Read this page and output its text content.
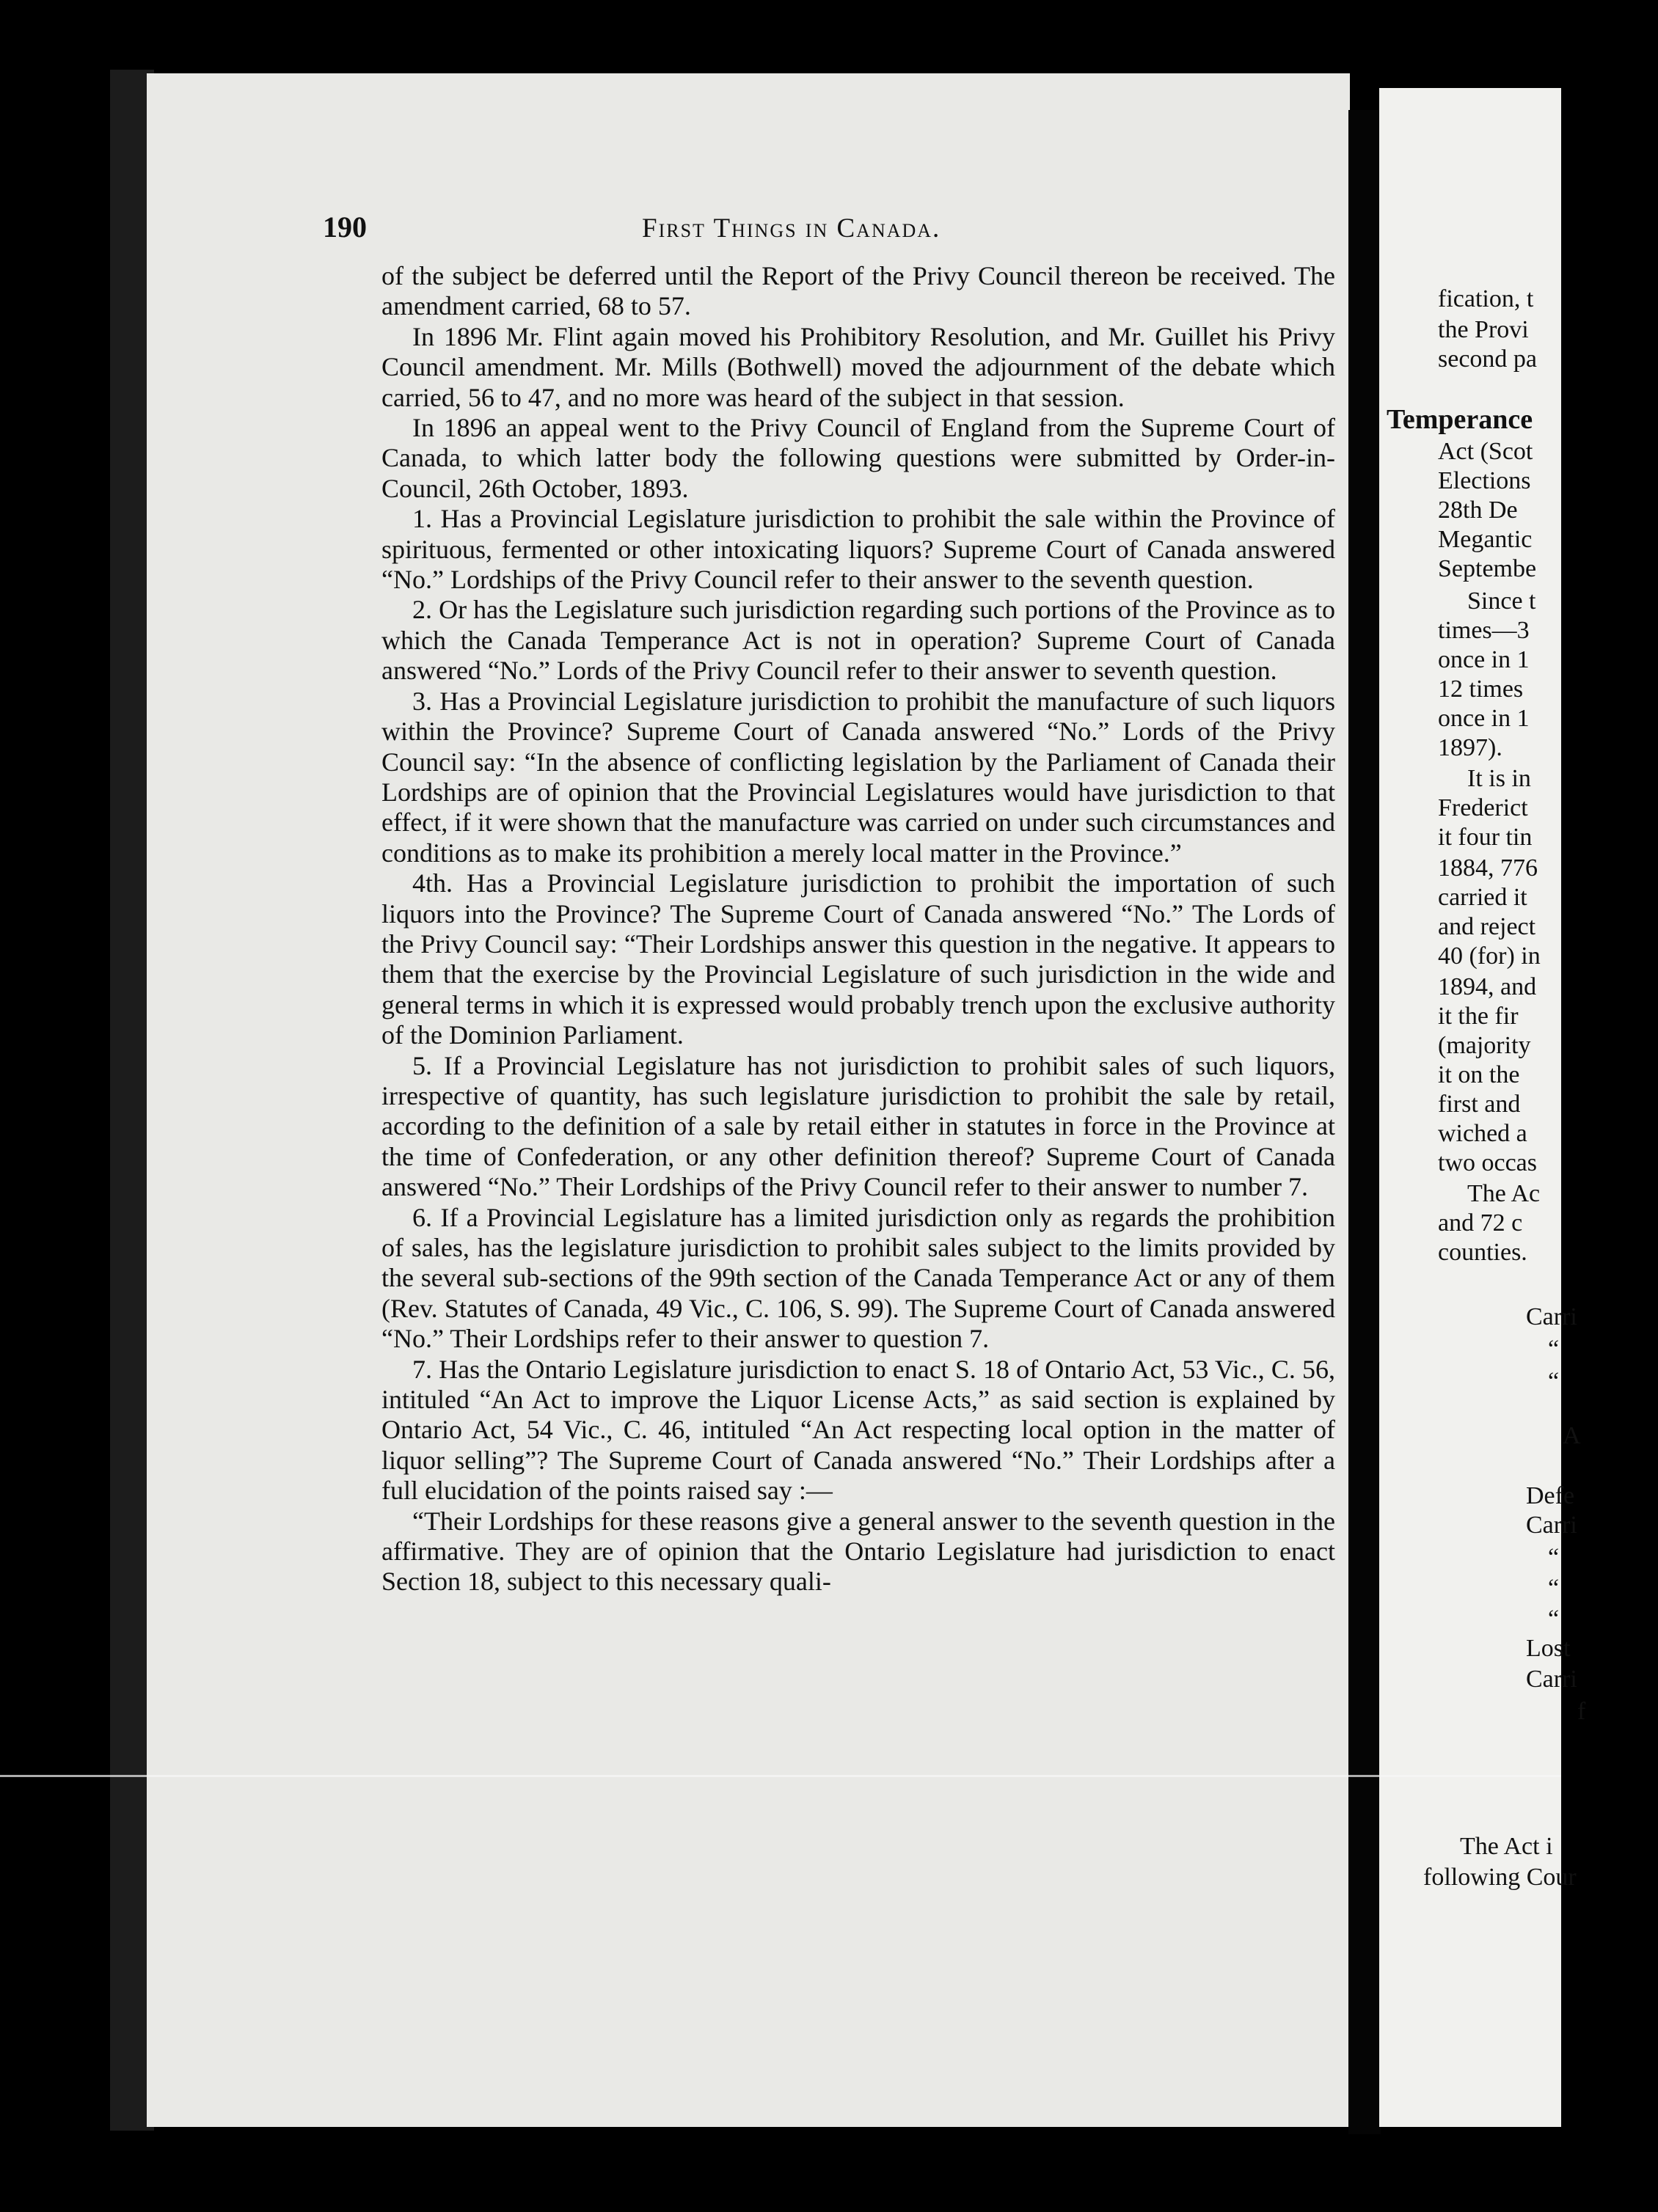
fication, t
the Provi
second pa
Temperance
Act (Scot
Elections
28th De
Megantic
Septembe
Since t
times—3
once in 1
12 times
once in 1
1897).
It is in
Frederict
it four tin
1884, 776
carried it
and reject
40 (for) in
1894, and
it the fir
(majority
it on the
first and
wiched a
two occas
The Ac
and 72 c
counties.
Carri
“
“
A
Defe
Carri
“
“
“
Lost
Carri
f
The Act i
following Cour
190	First Things in Canada.

of the subject be deferred until the Report of the Privy Council thereon be received. The amendment carried, 68 to 57.

In 1896 Mr. Flint again moved his Prohibitory Resolution, and Mr. Guillet his Privy Council amendment. Mr. Mills (Bothwell) moved the adjournment of the debate which carried, 56 to 47, and no more was heard of the subject in that session.

In 1896 an appeal went to the Privy Council of England from the Supreme Court of Canada, to which latter body the following questions were submitted by Order-in-Council, 26th October, 1893.

1. Has a Provincial Legislature jurisdiction to prohibit the sale within the Province of spirituous, fermented or other intoxicating liquors? Supreme Court of Canada answered “No.” Lordships of the Privy Council refer to their answer to the seventh question.

2. Or has the Legislature such jurisdiction regarding such portions of the Province as to which the Canada Temperance Act is not in operation? Supreme Court of Canada answered “No.” Lords of the Privy Council refer to their answer to seventh question.

3. Has a Provincial Legislature jurisdiction to prohibit the manufacture of such liquors within the Province? Supreme Court of Canada answered “No.” Lords of the Privy Council say: “In the absence of conflicting legislation by the Parliament of Canada their Lordships are of opinion that the Provincial Legislatures would have jurisdiction to that effect, if it were shown that the manufacture was carried on under such circumstances and conditions as to make its prohibition a merely local matter in the Province.”

4th. Has a Provincial Legislature jurisdiction to prohibit the importation of such liquors into the Province? The Supreme Court of Canada answered “No.” The Lords of the Privy Council say: “Their Lordships answer this question in the negative. It appears to them that the exercise by the Provincial Legislature of such jurisdiction in the wide and general terms in which it is expressed would probably trench upon the exclusive authority of the Dominion Parliament.

5. If a Provincial Legislature has not jurisdiction to prohibit sales of such liquors, irrespective of quantity, has such legislature jurisdiction to prohibit the sale by retail, according to the definition of a sale by retail either in statutes in force in the Province at the time of Confederation, or any other definition thereof? Supreme Court of Canada answered “No.” Their Lordships of the Privy Council refer to their answer to number 7.

6. If a Provincial Legislature has a limited jurisdiction only as regards the prohibition of sales, has the legislature jurisdiction to prohibit sales subject to the limits provided by the several sub-sections of the 99th section of the Canada Temperance Act or any of them (Rev. Statutes of Canada, 49 Vic., C. 106, S. 99). The Supreme Court of Canada answered “No.” Their Lordships refer to their answer to question 7.

7. Has the Ontario Legislature jurisdiction to enact S. 18 of Ontario Act, 53 Vic., C. 56, intituled “An Act to improve the Liquor License Acts,” as said section is explained by Ontario Act, 54 Vic., C. 46, intituled “An Act respecting local option in the matter of liquor selling”? The Supreme Court of Canada answered “No.” Their Lordships after a full elucidation of the points raised say :—

“Their Lordships for these reasons give a general answer to the seventh question in the affirmative. They are of opinion that the Ontario Legislature had jurisdiction to enact Section 18, subject to this necessary quali-
